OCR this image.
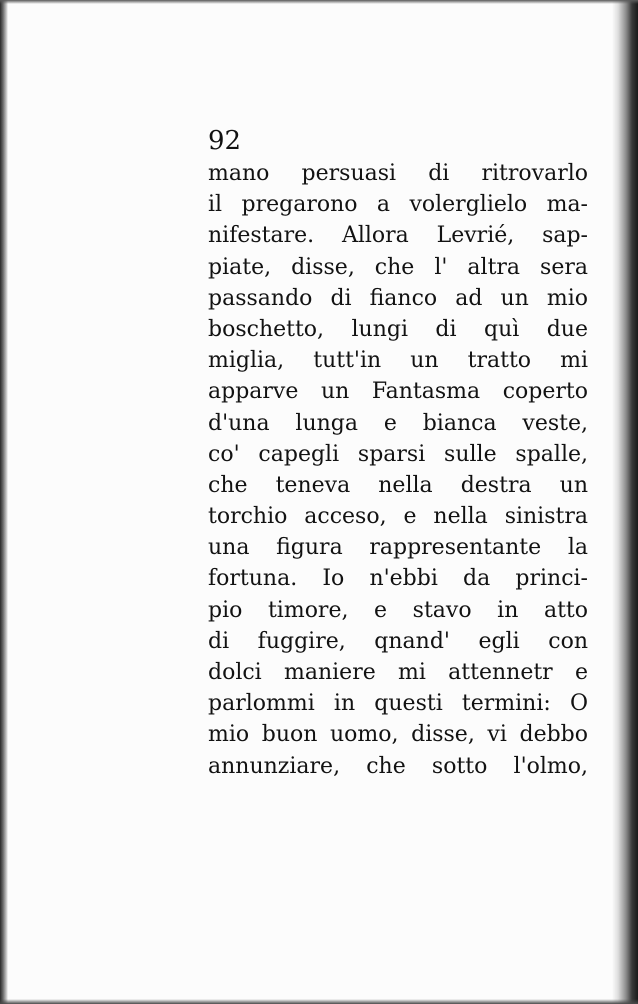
92
mano persuasi di ritrovarlo
il pregarono a volerglielo ma-
nifestare. Allora Levrié, sap-
piate, disse, che l' altra sera
passando di fianco ad un mio
boschetto, lungi di quì due
miglia, tutt'in un tratto mi
apparve un Fantasma coperto
d'una lunga e bianca veste,
co' capegli sparsi sulle spalle,
che teneva nella destra un
torchio acceso, e nella sinistra
una figura rappresentante la
fortuna. Io n'ebbi da princi-
pio timore, e stavo in atto
di fuggire, qnand' egli con
dolci maniere mi attennetr e
parlommi in questi termini: O
mio buon uomo, disse, vi debbo
annunziare, che sotto l'olmo,
